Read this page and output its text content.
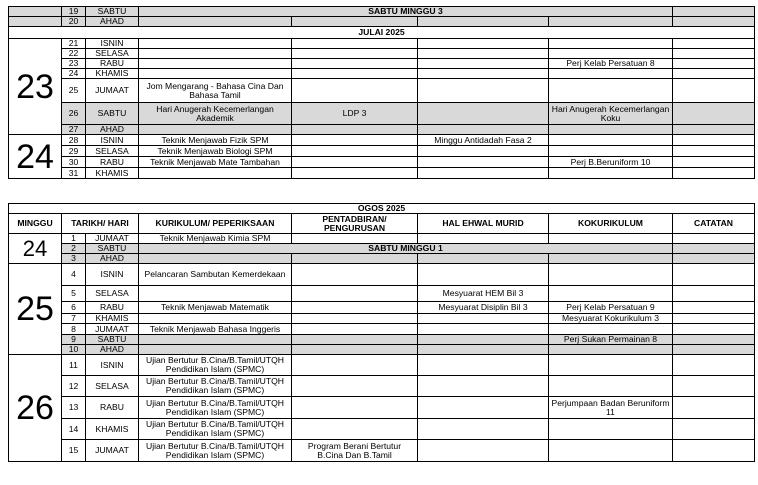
	19	SABTU	SABTU MINGGU 3				
	20	AHAD					
JULAI 2025							
23	21	ISNIN					
	22	SELASA					
	23	RABU				Perj Kelab Persatuan 8	
	24	KHAMIS					
	25	JUMAAT	Jom Mengarang - Bahasa Cina Dan Bahasa Tamil				
	26	SABTU	Hari Anugerah Kecemerlangan Akademik	LDP 3		Hari Anugerah Kecemerlangan Koku	
	27	AHAD					
24	28	ISNIN	Teknik Menjawab Fizik SPM		Minggu Antidadah Fasa 2		
	29	SELASA	Teknik Menjawab Biologi SPM				
	30	RABU	Teknik Menjawab Mate Tambahan			Perj B.Beruniform 10	
	31	KHAMIS					
OGOS 2025							
MINGGU	TARIKH/ HARI		KURIKULUM/ PEPERIKSAAN	PENTADBIRAN/ PENGURUSAN	HAL EHWAL MURID	KOKURIKULUM	CATATAN
24	1	JUMAAT	Teknik Menjawab Kimia SPM				
	2	SABTU	SABTU MINGGU 1				
	3	AHAD					
25	4	ISNIN	Pelancaran Sambutan Kemerdekaan				
	5	SELASA			Mesyuarat HEM Bil 3		
	6	RABU	Teknik Menjawab Matematik		Mesyuarat Disiplin Bil 3	Perj Kelab Persatuan 9	
	7	KHAMIS				Mesyuarat Kokurikulum 3	
	8	JUMAAT	Teknik Menjawab Bahasa Inggeris				
	9	SABTU				Perj Sukan Permainan 8	
	10	AHAD					
26	11	ISNIN	Ujian Bertutur B.Cina/B.Tamil/UTQH Pendidikan Islam (SPMC)				
	12	SELASA	Ujian Bertutur B.Cina/B.Tamil/UTQH Pendidikan Islam (SPMC)				
	13	RABU	Ujian Bertutur B.Cina/B.Tamil/UTQH Pendidikan Islam (SPMC)			Perjumpaan Badan Beruniform 11	
	14	KHAMIS	Ujian Bertutur B.Cina/B.Tamil/UTQH Pendidikan Islam (SPMC)				
	15	JUMAAT	Ujian Bertutur B.Cina/B.Tamil/UTQH Pendidikan Islam (SPMC)	Program Berani Bertutur B.Cina Dan B.Tamil			
